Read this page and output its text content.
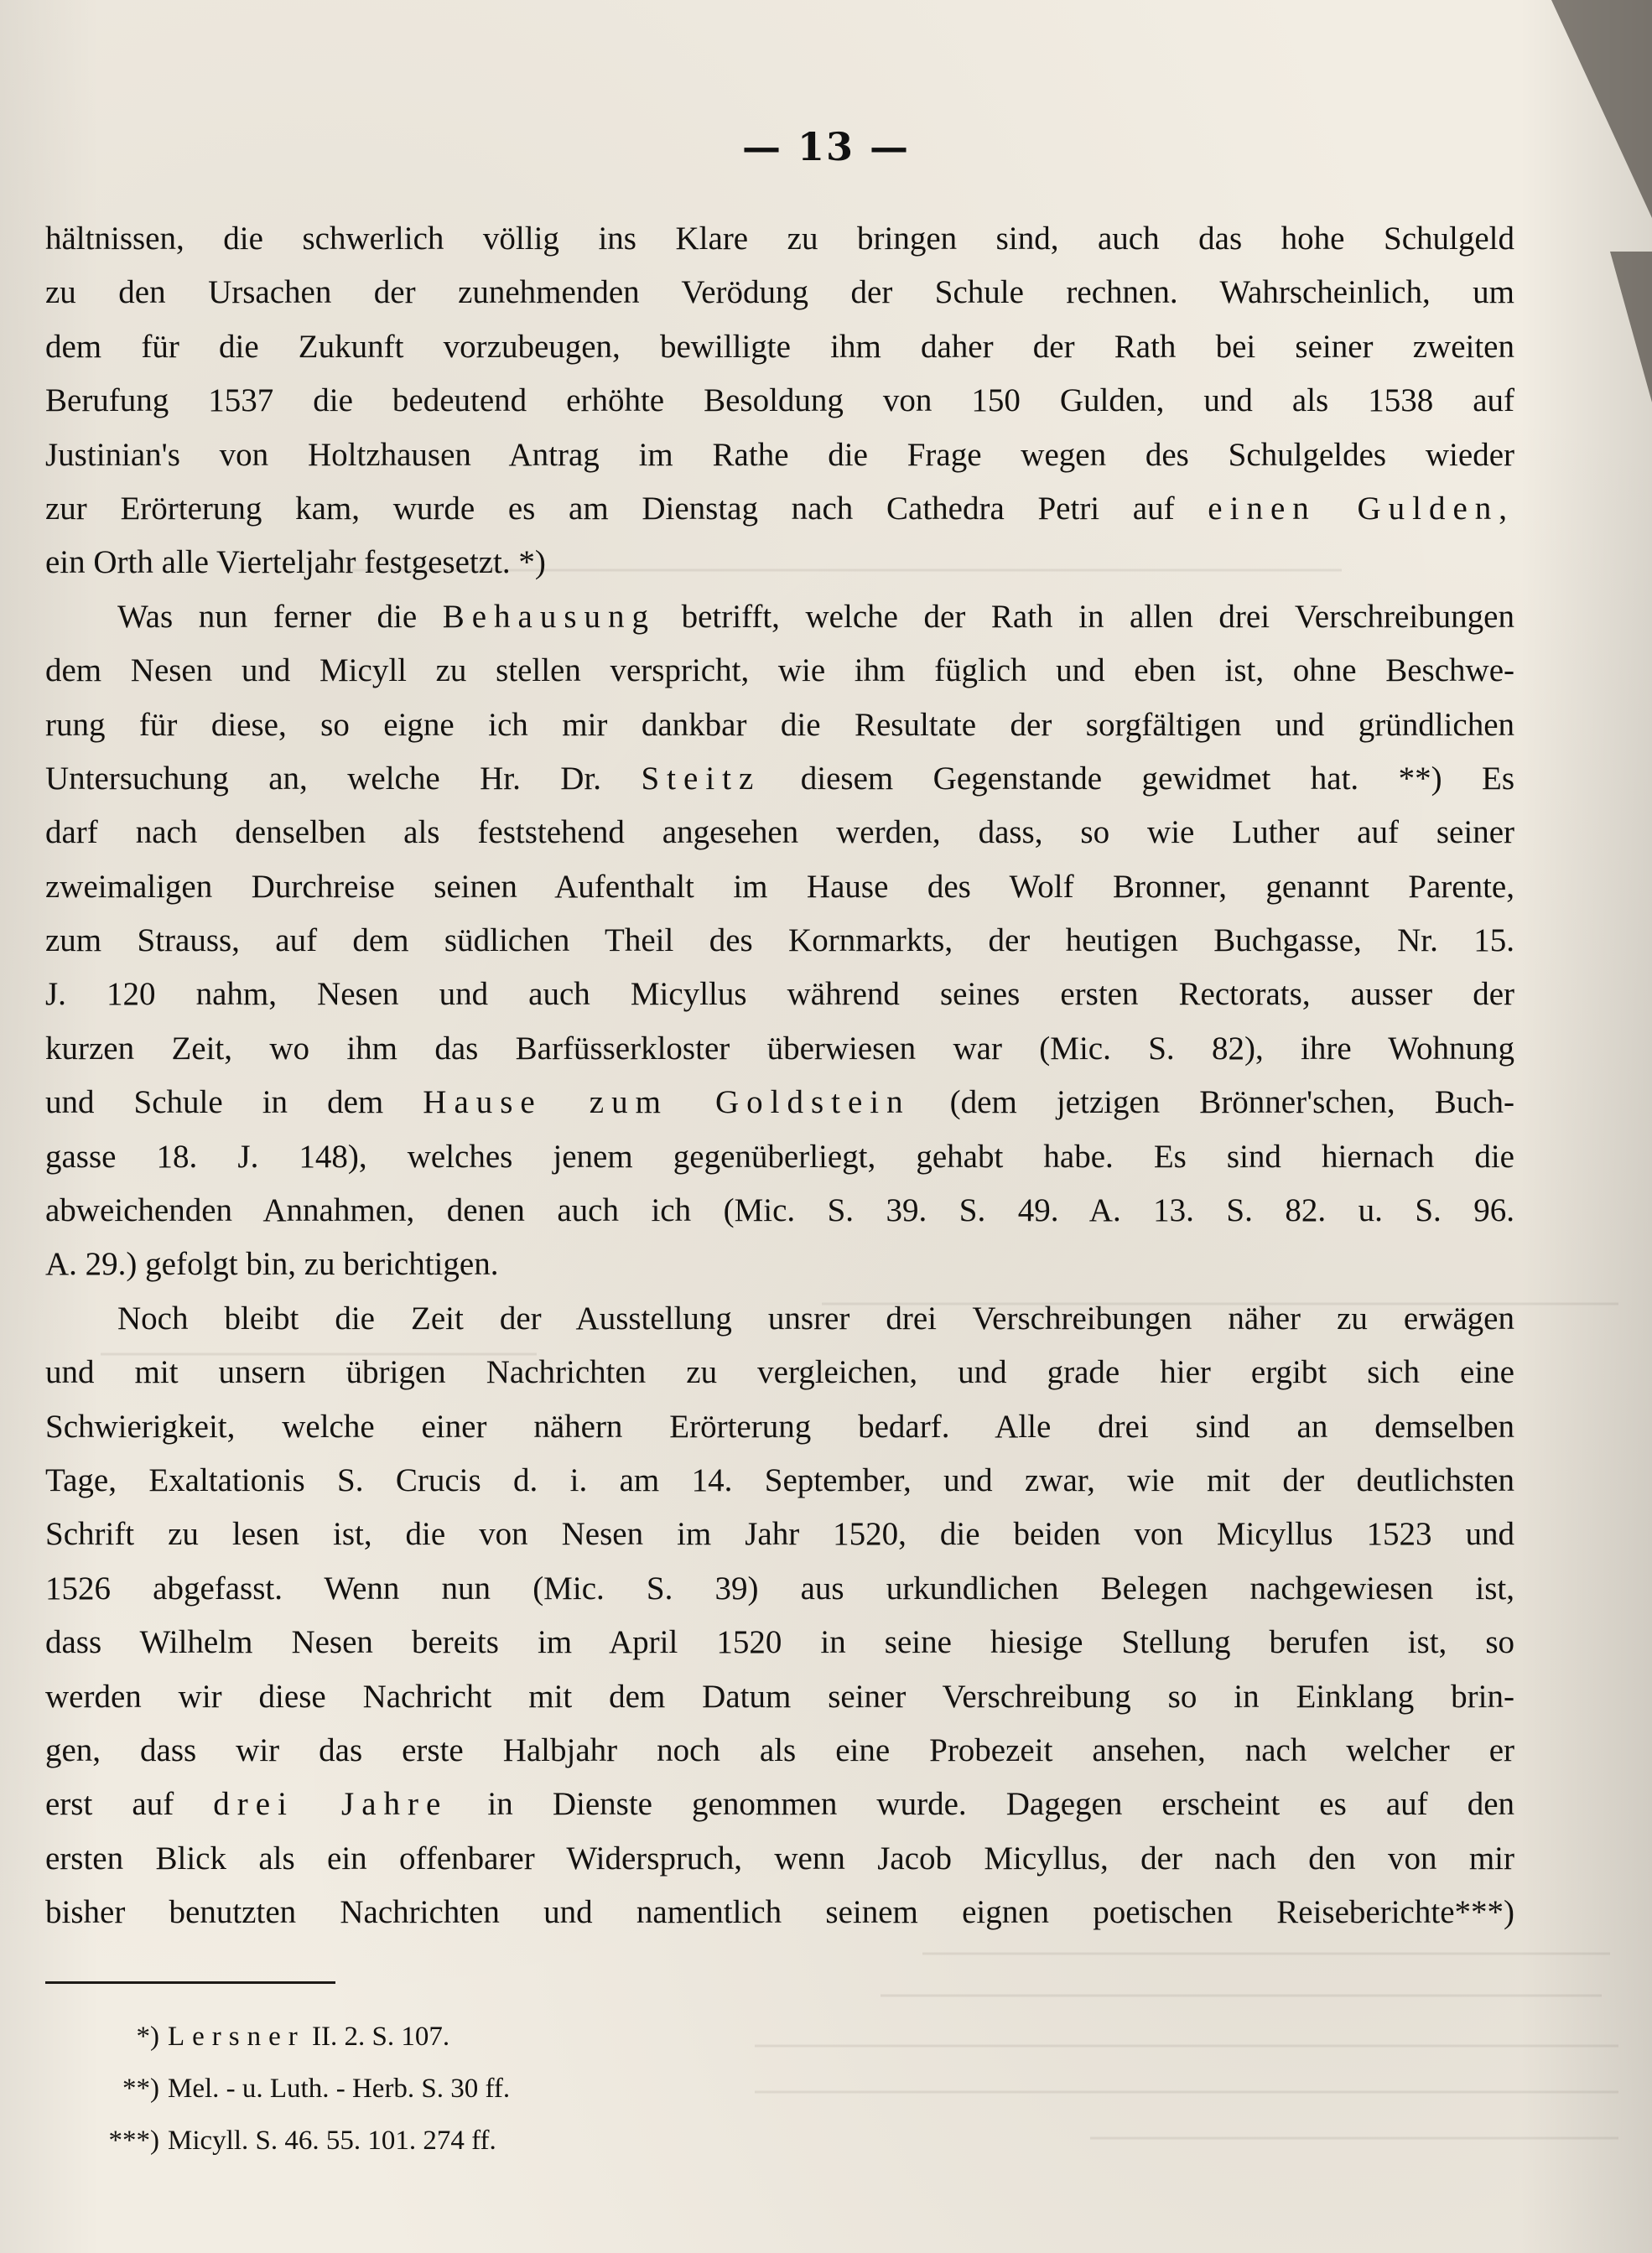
— 13 —
hältnissen, die schwerlich völlig ins Klare zu bringen sind, auch das hohe Schulgeld
zu den Ursachen der zunehmenden Verödung der Schule rechnen. Wahrscheinlich, um
dem für die Zukunft vorzubeugen, bewilligte ihm daher der Rath bei seiner zweiten
Berufung 1537 die bedeutend erhöhte Besoldung von 150 Gulden, und als 1538 auf
Justinian's von Holtzhausen Antrag im Rathe die Frage wegen des Schulgeldes wieder
zur Erörterung kam, wurde es am Dienstag nach Cathedra Petri auf einen Gulden,
ein Orth alle Vierteljahr festgesetzt. *)
Was nun ferner die Behausung betrifft, welche der Rath in allen drei Verschreibungen
dem Nesen und Micyll zu stellen verspricht, wie ihm füglich und eben ist, ohne Beschwe-
rung für diese, so eigne ich mir dankbar die Resultate der sorgfältigen und gründlichen
Untersuchung an, welche Hr. Dr. Steitz diesem Gegenstande gewidmet hat. **) Es
darf nach denselben als feststehend angesehen werden, dass, so wie Luther auf seiner
zweimaligen Durchreise seinen Aufenthalt im Hause des Wolf Bronner, genannt Parente,
zum Strauss, auf dem südlichen Theil des Kornmarkts, der heutigen Buchgasse, Nr. 15.
J. 120 nahm, Nesen und auch Micyllus während seines ersten Rectorats, ausser der
kurzen Zeit, wo ihm das Barfüsserkloster überwiesen war (Mic. S. 82), ihre Wohnung
und Schule in dem Hause zum Goldstein (dem jetzigen Brönner'schen, Buch-
gasse 18. J. 148), welches jenem gegenüberliegt, gehabt habe. Es sind hiernach die
abweichenden Annahmen, denen auch ich (Mic. S. 39. S. 49. A. 13. S. 82. u. S. 96.
A. 29.) gefolgt bin, zu berichtigen.
Noch bleibt die Zeit der Ausstellung unsrer drei Verschreibungen näher zu erwägen
und mit unsern übrigen Nachrichten zu vergleichen, und grade hier ergibt sich eine
Schwierigkeit, welche einer nähern Erörterung bedarf. Alle drei sind an demselben
Tage, Exaltationis S. Crucis d. i. am 14. September, und zwar, wie mit der deutlichsten
Schrift zu lesen ist, die von Nesen im Jahr 1520, die beiden von Micyllus 1523 und
1526 abgefasst. Wenn nun (Mic. S. 39) aus urkundlichen Belegen nachgewiesen ist,
dass Wilhelm Nesen bereits im April 1520 in seine hiesige Stellung berufen ist, so
werden wir diese Nachricht mit dem Datum seiner Verschreibung so in Einklang brin-
gen, dass wir das erste Halbjahr noch als eine Probezeit ansehen, nach welcher er
erst auf drei Jahre in Dienste genommen wurde. Dagegen erscheint es auf den
ersten Blick als ein offenbarer Widerspruch, wenn Jacob Micyllus, der nach den von mir
bisher benutzten Nachrichten und namentlich seinem eignen poetischen Reiseberichte***)
*) Lersner II. 2. S. 107.
**) Mel. - u. Luth. - Herb. S. 30 ff.
***) Micyll. S. 46. 55. 101. 274 ff.
